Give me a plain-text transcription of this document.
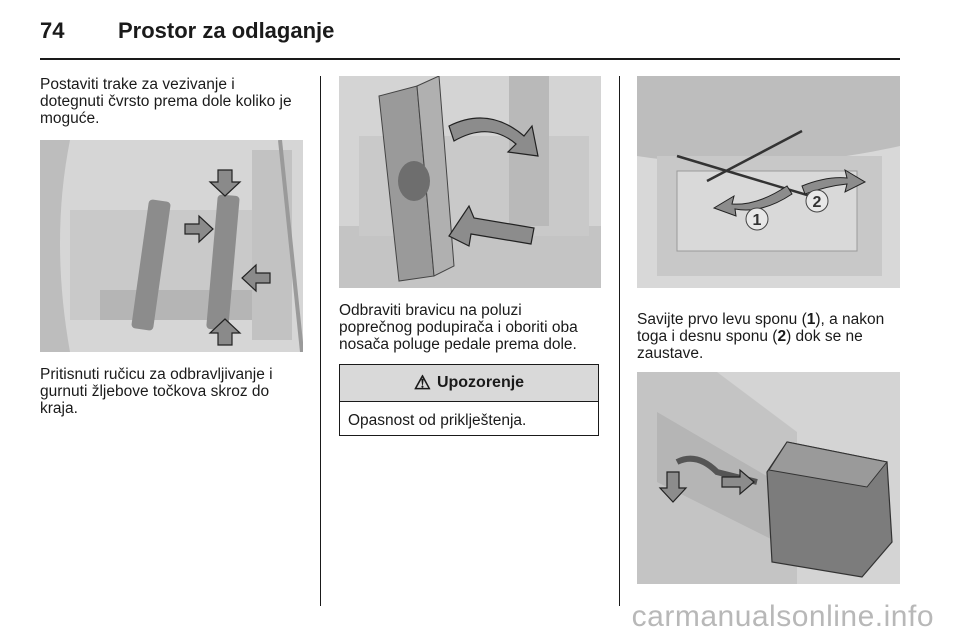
74 Prostor za odlaganje
Postaviti trake za vezivanje i
dotegnuti čvrsto prema dole koliko je
moguće.
Pritisnuti ručicu za odbravljivanje i
gurnuti žljebove točkova skroz do
kraja.
Odbraviti bravicu na poluzi
poprečnog podupirača i oboriti oba
nosača poluge pedale prema dole.
⚠ Upozorenje
Opasnost od priklještenja.
1
2
Savijte prvo levu sponu (1), a nakon
toga i desnu sponu (2) dok se ne
zaustave.
carmanualsonline.info
